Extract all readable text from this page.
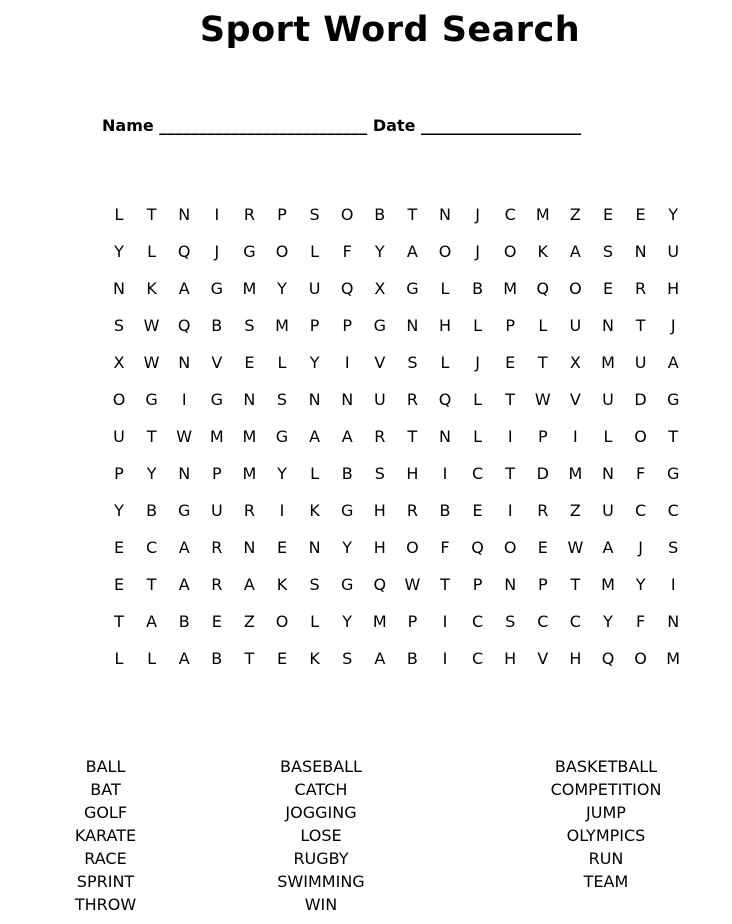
Sport Word Search
Name __________________________ Date ____________________
L	T	N	I	R	P	S	O	B	T	N	J	C	M	Z	E	E	Y
Y	L	Q	J	G	O	L	F	Y	A	O	J	O	K	A	S	N	U
N	K	A	G	M	Y	U	Q	X	G	L	B	M	Q	O	E	R	H
S	W	Q	B	S	M	P	P	G	N	H	L	P	L	U	N	T	J
X	W	N	V	E	L	Y	I	V	S	L	J	E	T	X	M	U	A
O	G	I	G	N	S	N	N	U	R	Q	L	T	W	V	U	D	G
U	T	W	M	M	G	A	A	R	T	N	L	I	P	I	L	O	T
P	Y	N	P	M	Y	L	B	S	H	I	C	T	D	M	N	F	G
Y	B	G	U	R	I	K	G	H	R	B	E	I	R	Z	U	C	C
E	C	A	R	N	E	N	Y	H	O	F	Q	O	E	W	A	J	S
E	T	A	R	A	K	S	G	Q	W	T	P	N	P	T	M	Y	I
T	A	B	E	Z	O	L	Y	M	P	I	C	S	C	C	Y	F	N
L	L	A	B	T	E	K	S	A	B	I	C	H	V	H	Q	O	M
BALL
BAT
GOLF
KARATE
RACE
SPRINT
THROW
BASEBALL
CATCH
JOGGING
LOSE
RUGBY
SWIMMING
WIN
BASKETBALL
COMPETITION
JUMP
OLYMPICS
RUN
TEAM
